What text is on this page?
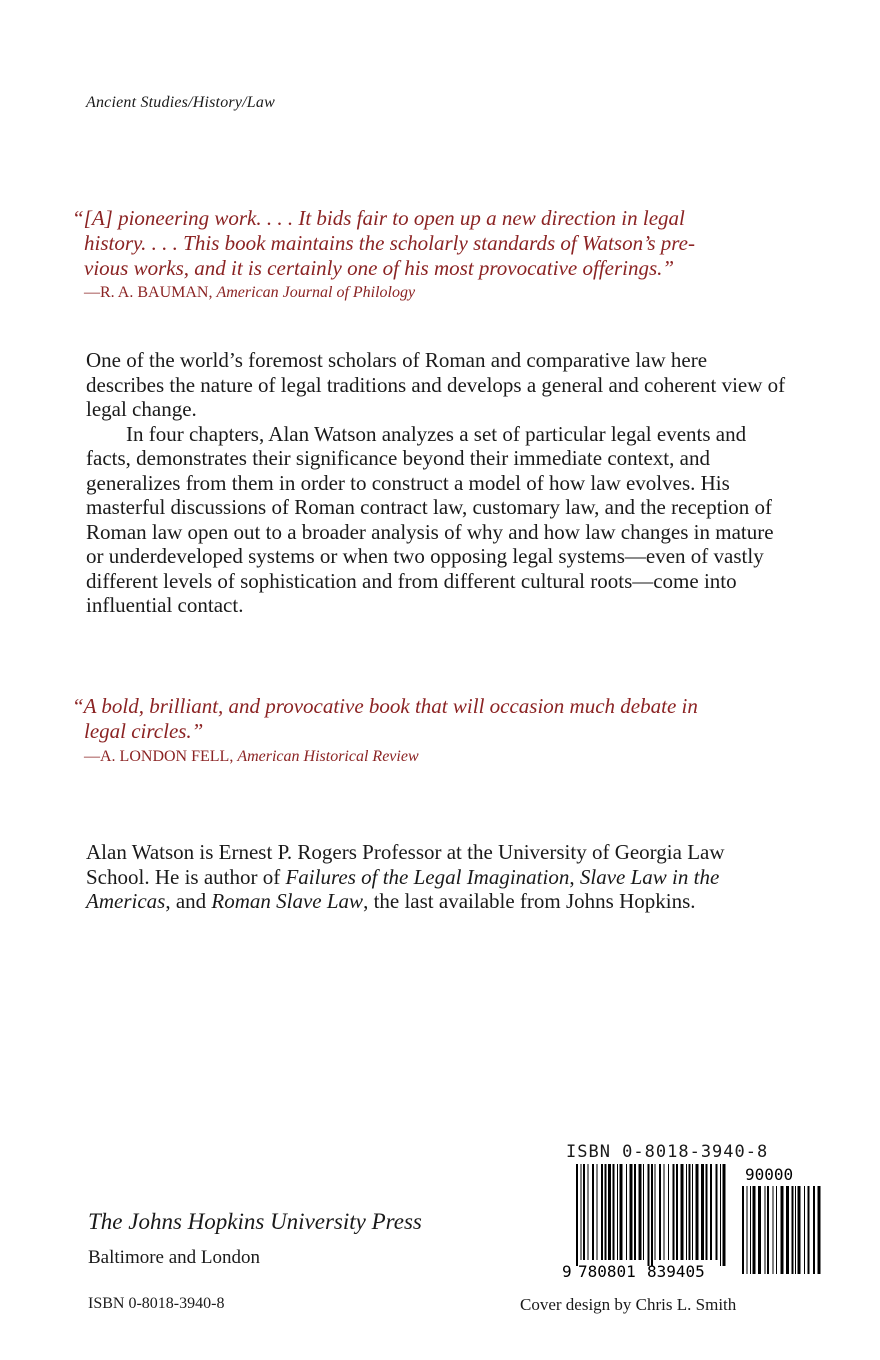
Ancient Studies/History/Law
“[A] pioneering work. . . . It bids fair to open up a new direction in legal
history. . . . This book maintains the scholarly standards of Watson’s pre-
vious works, and it is certainly one of his most provocative offerings.”
—R. A. BAUMAN, American Journal of Philology

One of the world’s foremost scholars of Roman and comparative law here describes the nature of legal traditions and develops a general and coherent view of legal change.

In four chapters, Alan Watson analyzes a set of particular legal events and facts, demonstrates their significance beyond their immediate context, and generalizes from them in order to construct a model of how law evolves. His masterful discussions of Roman contract law, customary law, and the reception of Roman law open out to a broader analysis of why and how law changes in mature or underdeveloped systems or when two opposing legal systems—even of vastly different levels of sophistication and from different cultural roots—come into influential contact.

“A bold, brilliant, and provocative book that will occasion much debate in
legal circles.”
—A. LONDON FELL, American Historical Review
Alan Watson is Ernest P. Rogers Professor at the University of Georgia Law School. He is author of Failures of the Legal Imagination, Slave Law in the Americas, and Roman Slave Law, the last available from Johns Hopkins.
The Johns Hopkins University Press
Baltimore and London
ISBN 0-8018-3940-8
ISBN 0-8018-3940-8
9 780801 839405
90000
Cover design by Chris L. Smith
